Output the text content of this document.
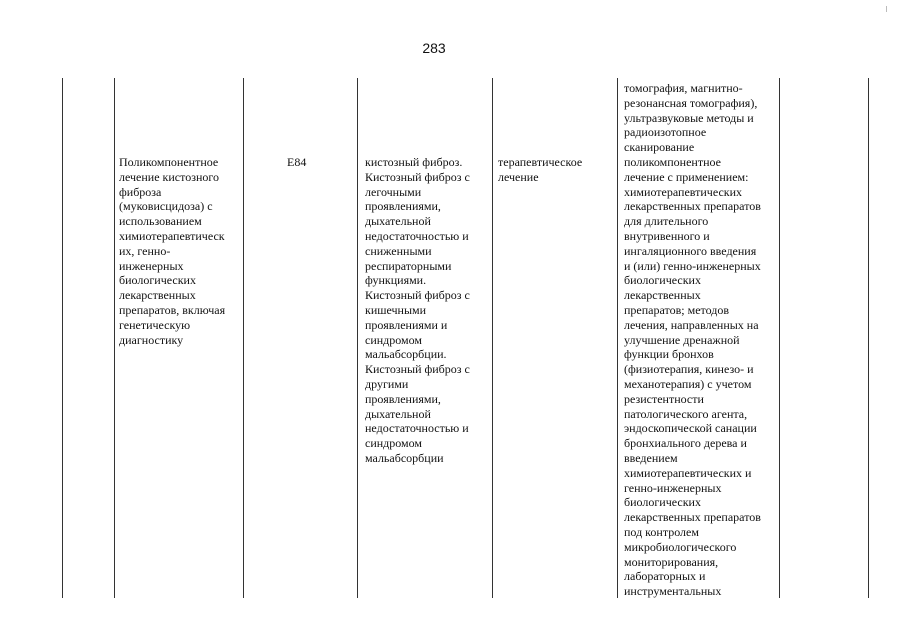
283
Поликомпонентное
лечение кистозного
фиброза
(муковисцидоза) с
использованием
химиотерапевтическ
их, генно-
инженерных
биологических
лекарственных
препаратов, включая
генетическую
диагностику
E84	кистозный фиброз.
Кистозный фиброз с
легочными
проявлениями,
дыхательной
недостаточностью и
сниженными
респираторными
функциями.
Кистозный фиброз с
кишечными
проявлениями и
синдромом
мальабсорбции.
Кистозный фиброз с
другими
проявлениями,
дыхательной
недостаточностью и
синдромом
мальабсорбции
терапевтическое
лечение
томография, магнитно-
резонансная томография),
ультразвуковые методы и
радиоизотопное
сканирование
поликомпонентное
лечение с применением:
химиотерапевтических
лекарственных препаратов
для длительного
внутривенного и
ингаляционного введения
и (или) генно-инженерных
биологических
лекарственных
препаратов; методов
лечения, направленных на
улучшение дренажной
функции бронхов
(физиотерапия, кинезо- и
механотерапия) с учетом
резистентности
патологического агента,
эндоскопической санации
бронхиального дерева и
введением
химиотерапевтических и
генно-инженерных
биологических
лекарственных препаратов
под контролем
микробиологического
мониторирования,
лабораторных и
инструментальных
